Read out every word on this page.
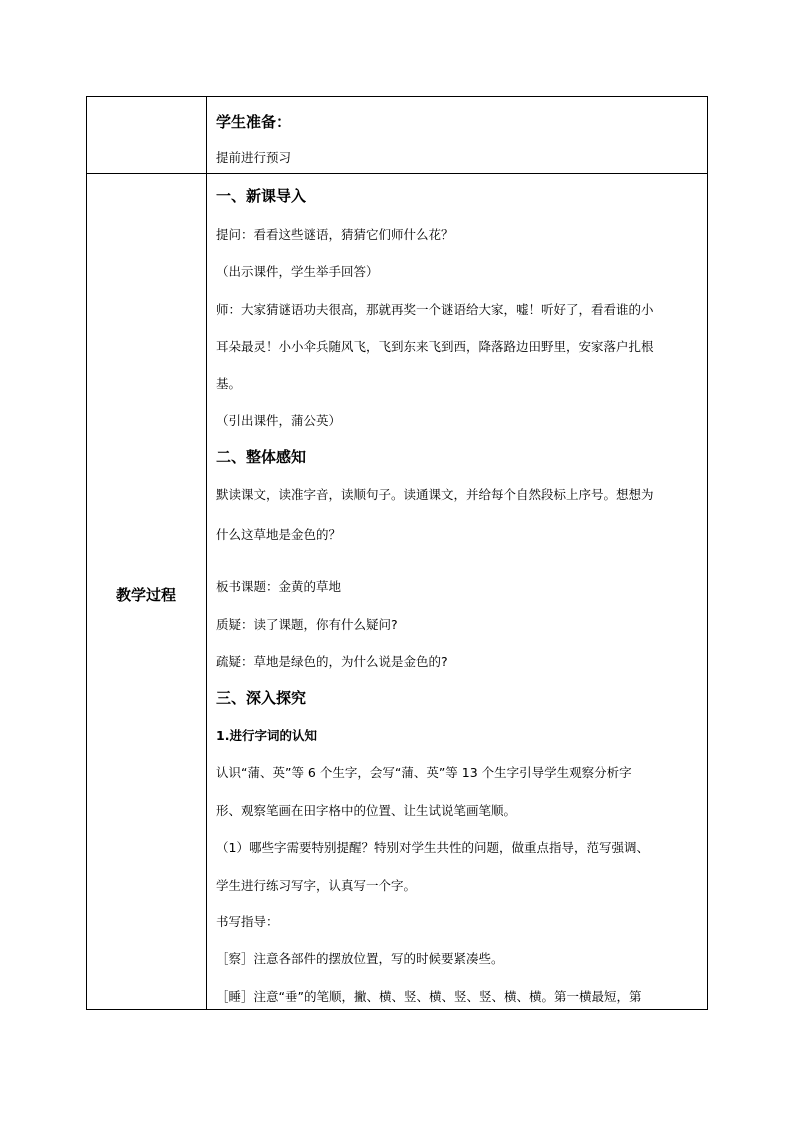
学生准备：
提前进行预习
教学过程
一、新课导入
提问：看看这些谜语，猜猜它们师什么花？
（出示课件，学生举手回答）
师：大家猜谜语功夫很高，那就再奖一个谜语给大家，嘘！听好了，看看谁的小
耳朵最灵！小小伞兵随风飞，飞到东来飞到西，降落路边田野里，安家落户扎根
基。
（引出课件，蒲公英）
二、整体感知
默读课文，读准字音，读顺句子。读通课文，并给每个自然段标上序号。想想为
什么这草地是金色的？
板书课题：金黄的草地
质疑：读了课题，你有什么疑问?
疏疑：草地是绿色的，为什么说是金色的?
三、深入探究
1.进行字词的认知
认识“蒲、英”等 6 个生字，会写“蒲、英”等 13 个生字引导学生观察分析字
形、观察笔画在田字格中的位置、让生试说笔画笔顺。
（1）哪些字需要特别提醒？特别对学生共性的问题，做重点指导，范写强调、
学生进行练习写字，认真写一个字。
书写指导：
［察］注意各部件的摆放位置，写的时候要紧凑些。
［睡］注意“垂”的笔顺，撇、横、竖、横、竖、竖、横、横。第一横最短，第
